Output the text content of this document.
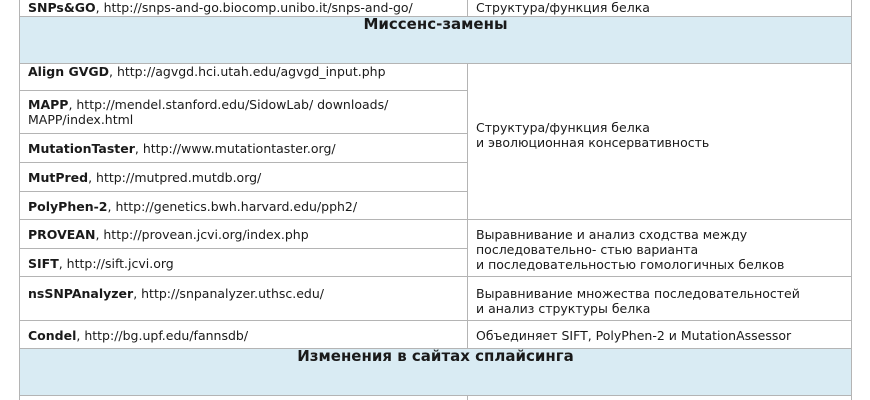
SNPs&GO, http://snps-and-go.biocomp.unibo.it/snps-and-go/	Структура/функция белка
Миссенс-замены	
Align GVGD, http://agvgd.hci.utah.edu/agvgd_input.php	Структура/функция белка
и эволюционная консервативность

MAPP, http://mendel.stanford.edu/SidowLab/ downloads/
MAPP/index.html	
MutationTaster, http://www.mutationtaster.org/	
MutPred, http://mutpred.mutdb.org/	
PolyPhen-2, http://genetics.bwh.harvard.edu/pph2/	
PROVEAN, http://provean.jcvi.org/index.php	Выравнивание и анализ сходства между
последовательно- стью варианта
и последовательностью гомологичных белков

SIFT, http://sift.jcvi.org	
nsSNPAnalyzer, http://snpanalyzer.uthsc.edu/	Выравнивание множества последовательностей
и анализ структуры белка

Condel, http://bg.upf.edu/fannsdb/	Объединяет SIFT, PolyPhen-2 и MutationAssessor
Изменения в сайтах сплайсинга	
